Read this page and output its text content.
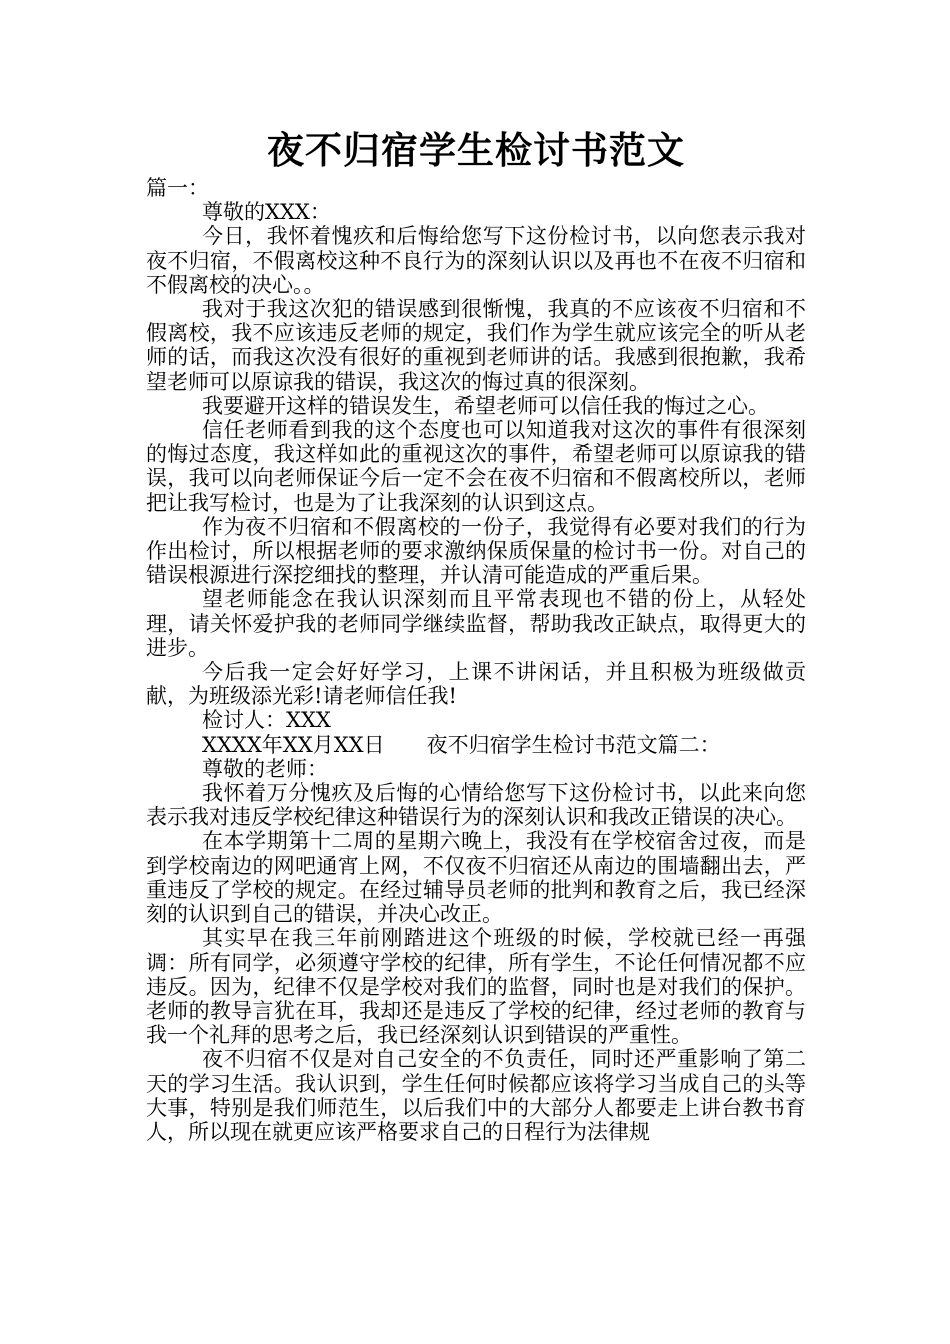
夜不归宿学生检讨书范文

篇一：

尊敬的XXX：

今日，我怀着愧疚和后悔给您写下这份检讨书，以向您表示我对夜不归宿，不假离校这种不良行为的深刻认识以及再也不在夜不归宿和不假离校的决心。。

我对于我这次犯的错误感到很惭愧，我真的不应该夜不归宿和不假离校，我不应该违反老师的规定，我们作为学生就应该完全的听从老师的话，而我这次没有很好的重视到老师讲的话。我感到很抱歉，我希望老师可以原谅我的错误，我这次的悔过真的很深刻。

我要避开这样的错误发生，希望老师可以信任我的悔过之心。

信任老师看到我的这个态度也可以知道我对这次的事件有很深刻的悔过态度，我这样如此的重视这次的事件，希望老师可以原谅我的错误，我可以向老师保证今后一定不会在夜不归宿和不假离校所以，老师把让我写检讨，也是为了让我深刻的认识到这点。

作为夜不归宿和不假离校的一份子，我觉得有必要对我们的行为作出检讨，所以根据老师的要求激纳保质保量的检讨书一份。对自己的错误根源进行深挖细找的整理，并认清可能造成的严重后果。

望老师能念在我认识深刻而且平常表现也不错的份上，从轻处理，请关怀爱护我的老师同学继续监督，帮助我改正缺点，取得更大的进步。

今后我一定会好好学习，上课不讲闲话，并且积极为班级做贡献，为班级添光彩!请老师信任我!

检讨人：XXX

XXXX年XX月XX日　　夜不归宿学生检讨书范文篇二：

尊敬的老师：

我怀着万分愧疚及后悔的心情给您写下这份检讨书，以此来向您表示我对违反学校纪律这种错误行为的深刻认识和我改正错误的决心。

在本学期第十二周的星期六晚上，我没有在学校宿舍过夜，而是到学校南边的网吧通宵上网，不仅夜不归宿还从南边的围墙翻出去，严重违反了学校的规定。在经过辅导员老师的批判和教育之后，我已经深刻的认识到自己的错误，并决心改正。

其实早在我三年前刚踏进这个班级的时候，学校就已经一再强调：所有同学，必须遵守学校的纪律，所有学生，不论任何情况都不应违反。因为，纪律不仅是学校对我们的监督，同时也是对我们的保护。老师的教导言犹在耳，我却还是违反了学校的纪律，经过老师的教育与我一个礼拜的思考之后，我已经深刻认识到错误的严重性。

夜不归宿不仅是对自己安全的不负责任，同时还严重影响了第二天的学习生活。我认识到，学生任何时候都应该将学习当成自己的头等大事，特别是我们师范生，以后我们中的大部分人都要走上讲台教书育人，所以现在就更应该严格要求自己的日程行为法律规
